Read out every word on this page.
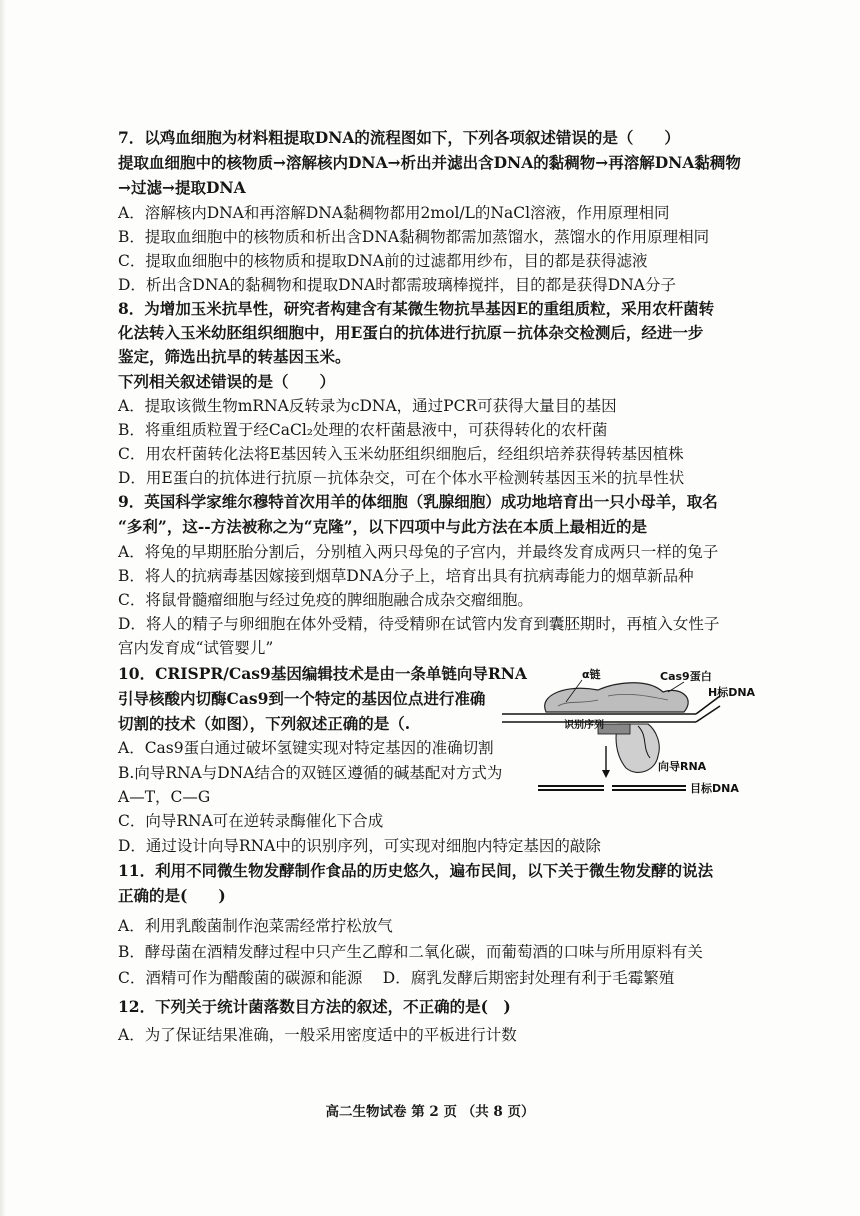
7．以鸡血细胞为材料粗提取DNA的流程图如下，下列各项叙述错误的是（　　）
提取血细胞中的核物质→溶解核内DNA→析出并滤出含DNA的黏稠物→再溶解DNA黏稠物
→过滤→提取DNA
A．溶解核内DNA和再溶解DNA黏稠物都用2mol/L的NaCl溶液，作用原理相同
B．提取血细胞中的核物质和析出含DNA黏稠物都需加蒸馏水，蒸馏水的作用原理相同
C．提取血细胞中的核物质和提取DNA前的过滤都用纱布，目的都是获得滤液
D．析出含DNA的黏稠物和提取DNA时都需玻璃棒搅拌，目的都是获得DNA分子
8．为增加玉米抗旱性，研究者构建含有某微生物抗旱基因E的重组质粒，采用农杆菌转
化法转入玉米幼胚组织细胞中，用E蛋白的抗体进行抗原－抗体杂交检测后，经进一步
鉴定，筛选出抗旱的转基因玉米。
下列相关叙述错误的是（　　）
A．提取该微生物mRNA反转录为cDNA，通过PCR可获得大量目的基因
B．将重组质粒置于经CaCl₂处理的农杆菌悬液中，可获得转化的农杆菌
C．用农杆菌转化法将E基因转入玉米幼胚组织细胞后，经组织培养获得转基因植株
D．用E蛋白的抗体进行抗原－抗体杂交，可在个体水平检测转基因玉米的抗旱性状
9．英国科学家维尔穆特首次用羊的体细胞（乳腺细胞）成功地培育出一只小母羊，取名
“多利”，这--方法被称之为“克隆”，以下四项中与此方法在本质上最相近的是
A．将兔的早期胚胎分割后，分别植入两只母兔的子宫内，并最终发育成两只一样的兔子
B．将人的抗病毒基因嫁接到烟草DNA分子上，培育出具有抗病毒能力的烟草新品种
C．将鼠骨髓瘤细胞与经过免疫的脾细胞融合成杂交瘤细胞。
D．将人的精子与卵细胞在体外受精，待受精卵在试管内发育到囊胚期时，再植入女性子
宫内发育成“试管婴儿”
10．CRISPR/Cas9基因编辑技术是由一条单链向导RNA
引导核酸内切酶Cas9到一个特定的基因位点进行准确
切割的技术（如图），下列叙述正确的是（.
A．Cas9蛋白通过破坏氢键实现对特定基因的准确切割
B.向导RNA与DNA结合的双链区遵循的碱基配对方式为
A—T，C—G
C．向导RNA可在逆转录酶催化下合成
D．通过设计向导RNA中的识别序列，可实现对细胞内特定基因的敲除
α链	Cas9蛋白
H标DNA
识别序列
向导RNA
目标DNA
11．利用不同微生物发酵制作食品的历史悠久，遍布民间，以下关于微生物发酵的说法
正确的是(　　)
A．利用乳酸菌制作泡菜需经常拧松放气
B．酵母菌在酒精发酵过程中只产生乙醇和二氧化碳，而葡萄酒的口味与所用原料有关
C．酒精可作为醋酸菌的碳源和能源　 D．腐乳发酵后期密封处理有利于毛霉繁殖
12．下列关于统计菌落数目方法的叙述，不正确的是(　)
A．为了保证结果准确，一般采用密度适中的平板进行计数
高二生物试卷 第 2 页 （共 8 页）
